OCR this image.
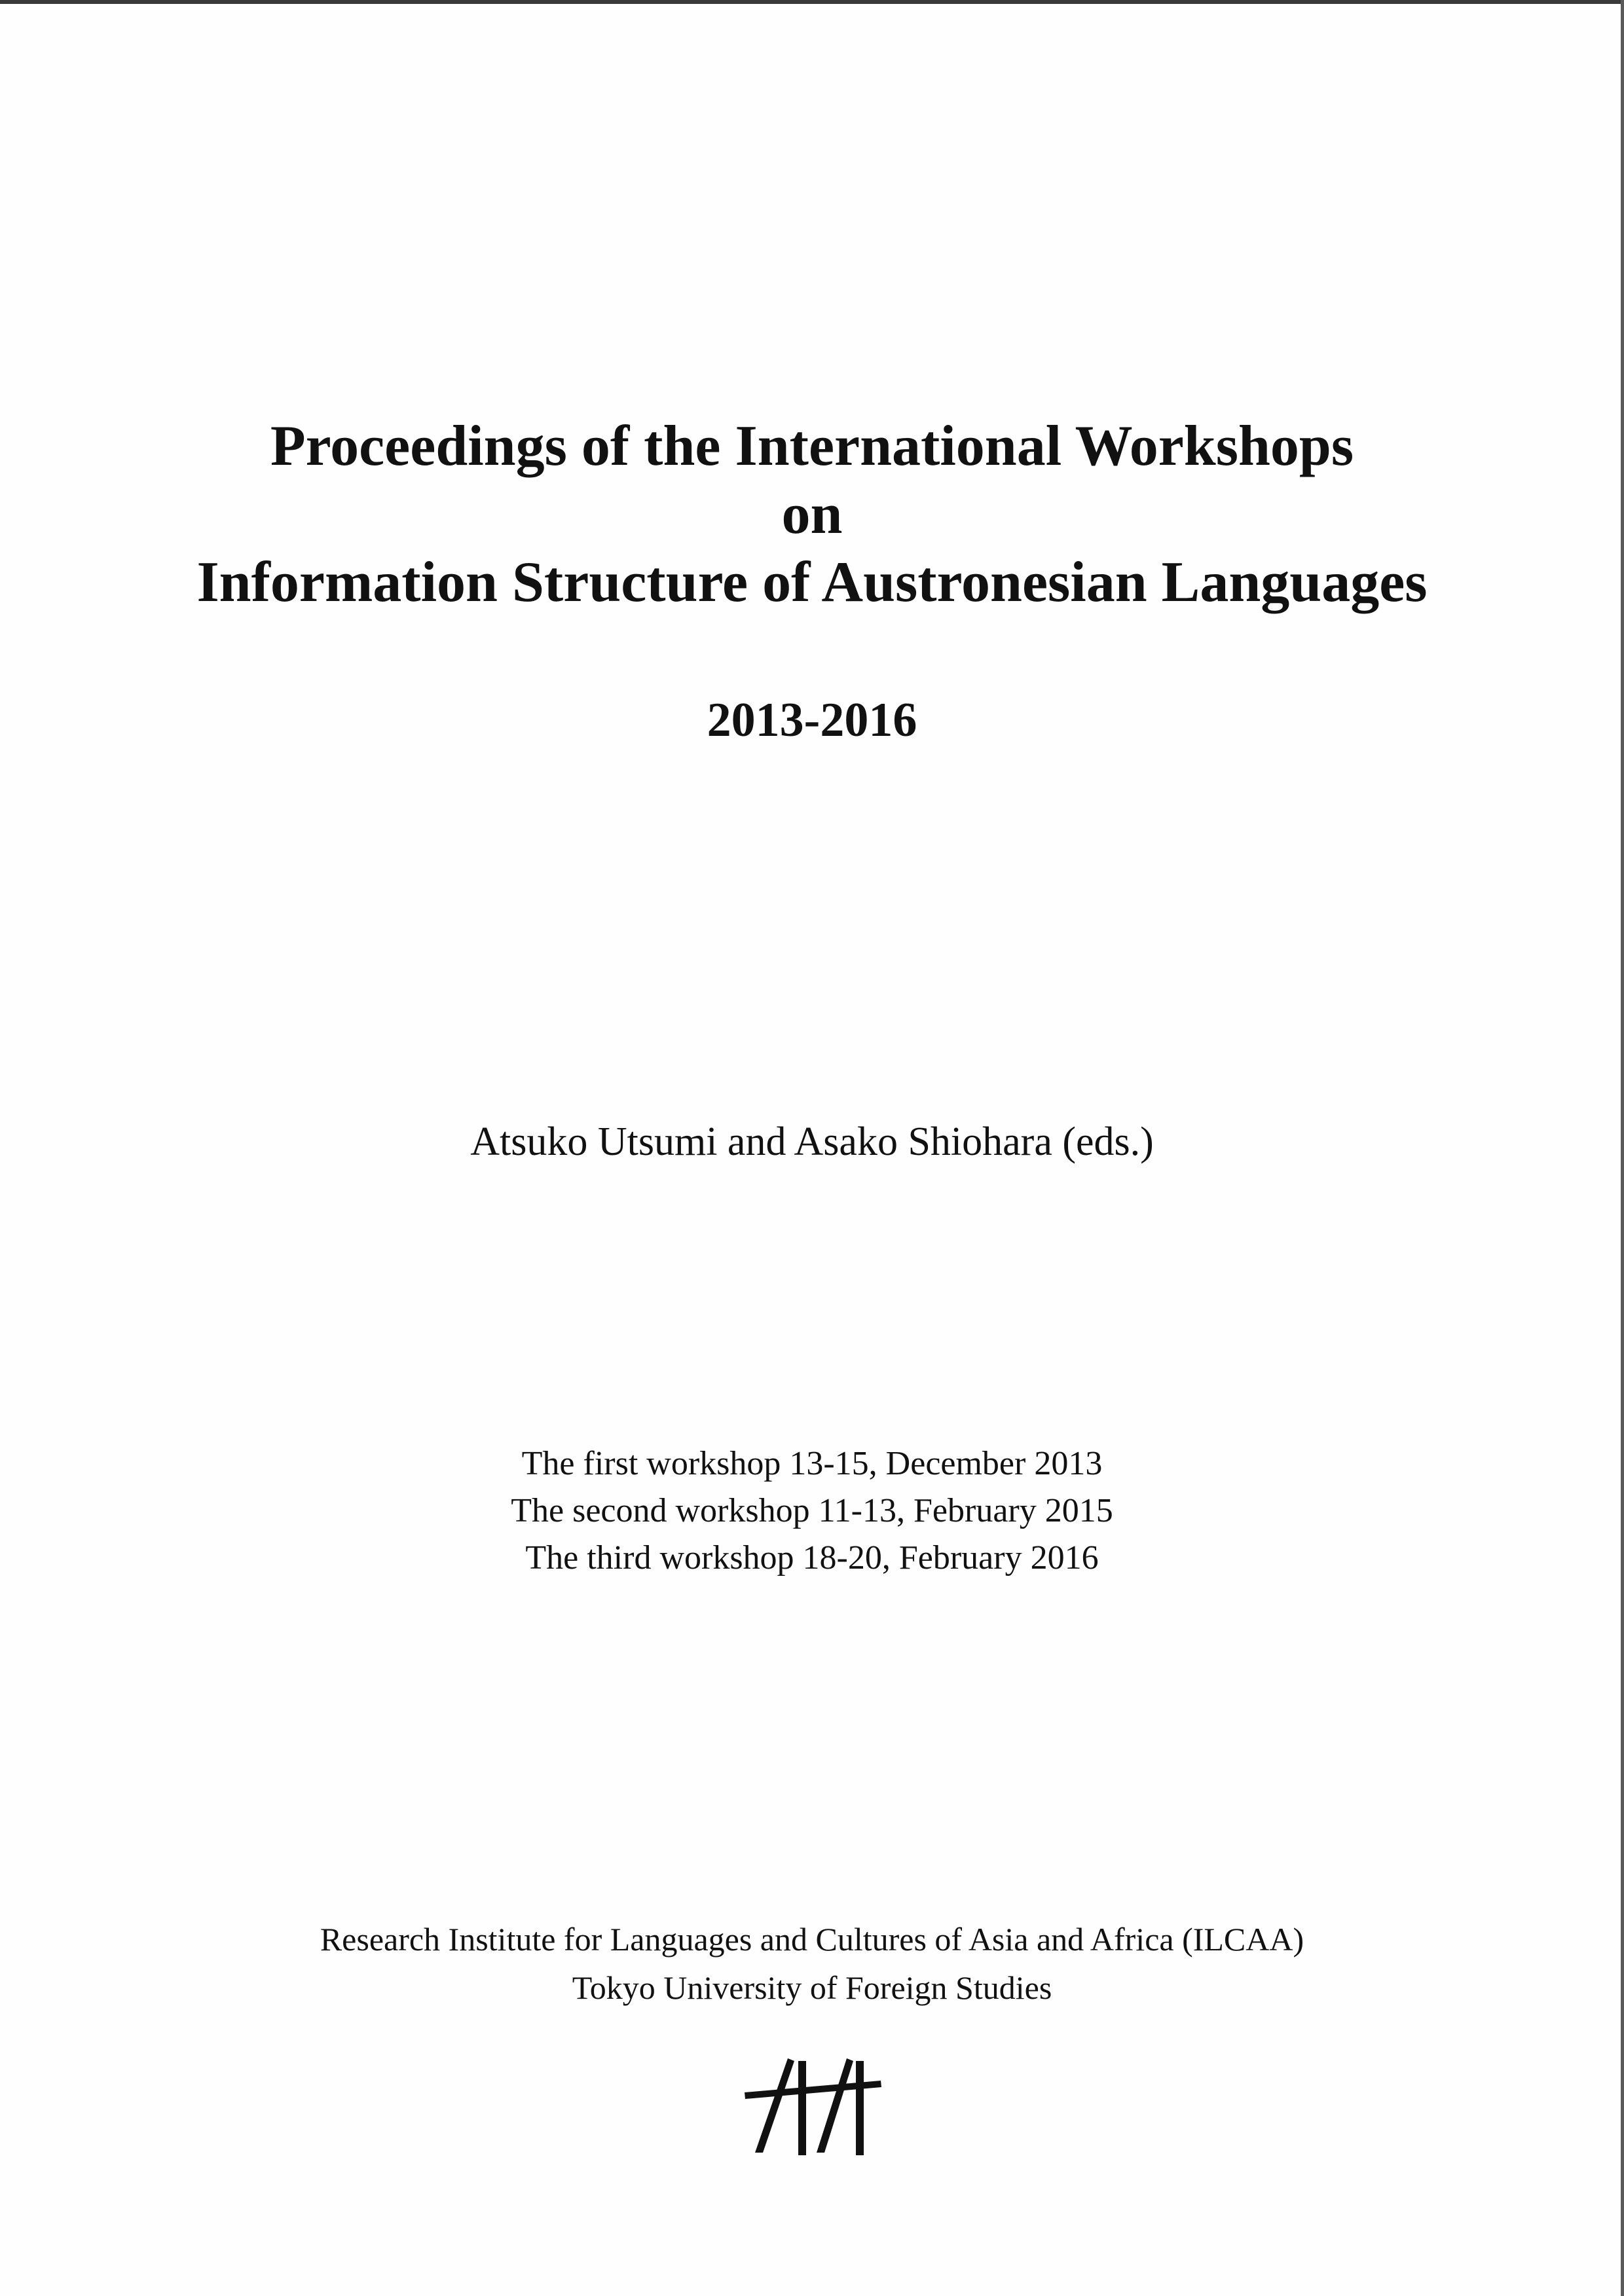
Proceedings of the International Workshops
on
Information Structure of Austronesian Languages
2013-2016
Atsuko Utsumi and Asako Shiohara (eds.)
The first workshop 13-15, December 2013
The second workshop 11-13, February 2015
The third workshop 18-20, February 2016
Research Institute for Languages and Cultures of Asia and Africa (ILCAA)
Tokyo University of Foreign Studies
